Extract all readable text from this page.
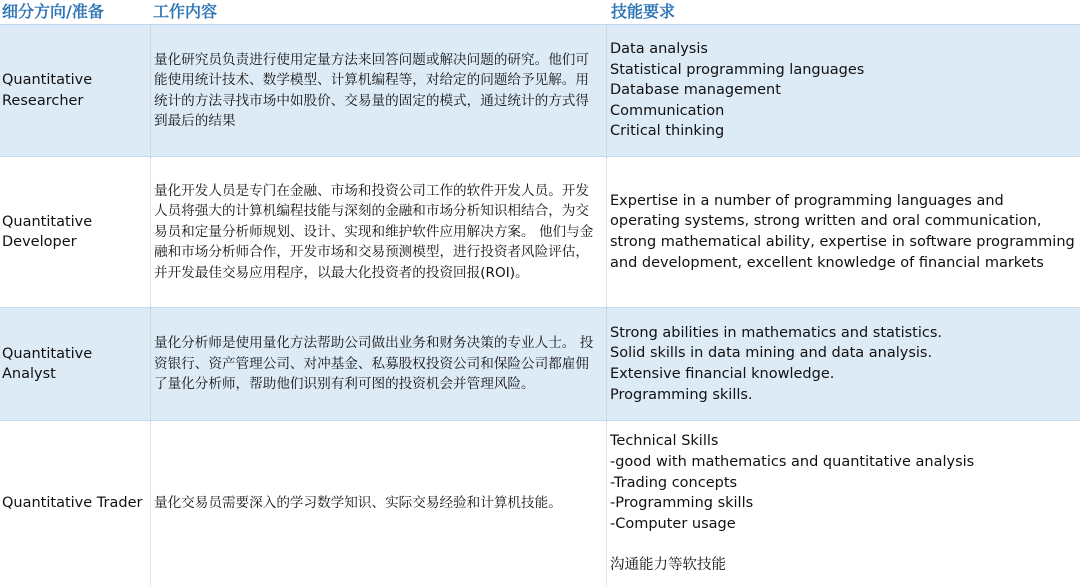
细分方向/准备	工作内容	技能要求
Quantitative Researcher
量化研究员负责进行使用定量方法来回答问题或解决问题的研究。他们可能使用统计技术、数学模型、计算机编程等，对给定的问题给予见解。用统计的方法寻找市场中如股价、交易量的固定的模式，通过统计的方式得到最后的结果
Data analysis
Statistical programming languages
Database management
Communication
Critical thinking
Quantitative Developer
量化开发人员是专门在金融、市场和投资公司工作的软件开发人员。开发人员将强大的计算机编程技能与深刻的金融和市场分析知识相结合，为交易员和定量分析师规划、设计、实现和维护软件应用解决方案。 他们与金融和市场分析师合作，开发市场和交易预测模型，进行投资者风险评估，并开发最佳交易应用程序，以最大化投资者的投资回报(ROI)。
Expertise in a number of programming languages and operating systems, strong written and oral communication, strong mathematical ability, expertise in software programming and development, excellent knowledge of financial markets
Quantitative Analyst
量化分析师是使用量化方法帮助公司做出业务和财务决策的专业人士。 投资银行、资产管理公司、对冲基金、私募股权投资公司和保险公司都雇佣了量化分析师，帮助他们识别有利可图的投资机会并管理风险。
Strong abilities in mathematics and statistics.
Solid skills in data mining and data analysis.
Extensive financial knowledge.
Programming skills.
Quantitative Trader 量化交易员需要深入的学习数学知识、实际交易经验和计算机技能。
Technical Skills
-good with mathematics and quantitative analysis
-Trading concepts
-Programming skills
-Computer usage
沟通能力等软技能
